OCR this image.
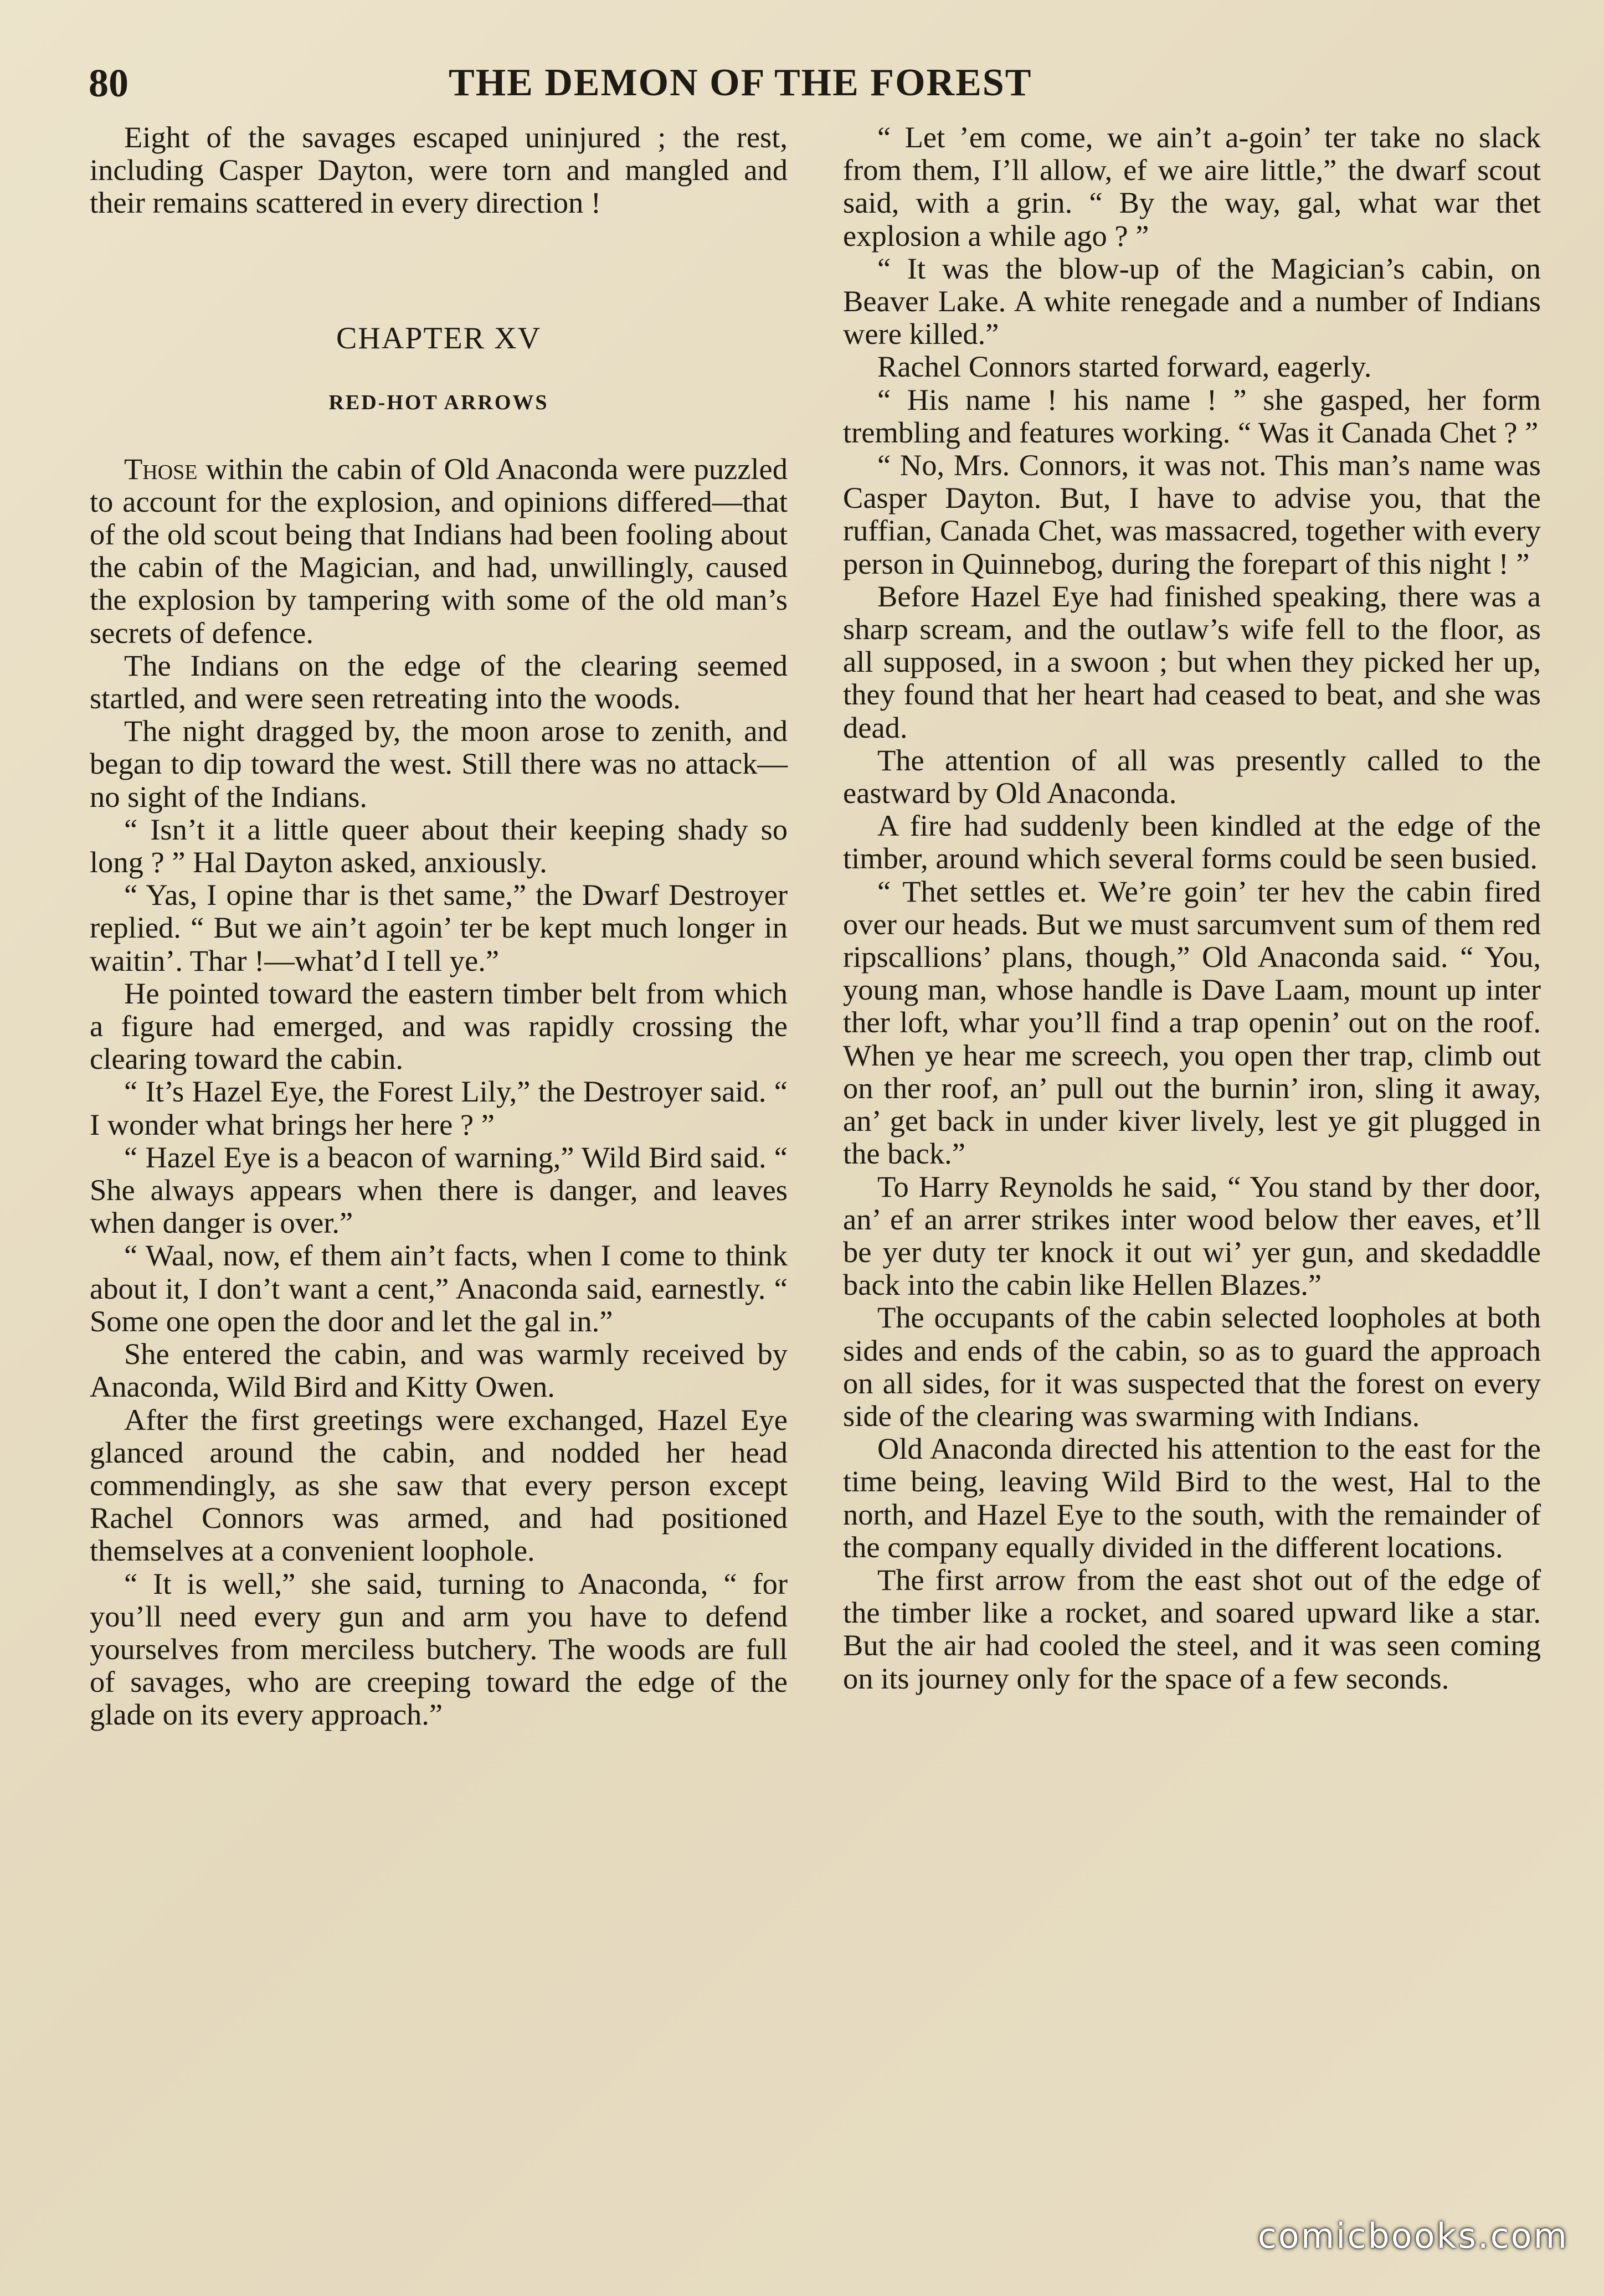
80	THE DEMON OF THE FOREST

Eight of the savages escaped uninjured ; the rest, including Casper Dayton, were torn and mangled and their remains scattered in every direction !

CHAPTER XV
RED-HOT ARROWS

Those within the cabin of Old Anaconda were puzzled to account for the explosion, and opinions differed—that of the old scout being that Indians had been fooling about the cabin of the Magician, and had, unwillingly, caused the explosion by tampering with some of the old man’s secrets of defence.

The Indians on the edge of the clearing seemed startled, and were seen retreating into the woods.

The night dragged by, the moon arose to zenith, and began to dip toward the west. Still there was no attack—no sight of the Indians.

“ Isn’t it a little queer about their keeping shady so long ? ” Hal Dayton asked, anxiously.

“ Yas, I opine thar is thet same,” the Dwarf Destroyer replied. “ But we ain’t agoin’ ter be kept much longer in waitin’. Thar !—what’d I tell ye.”

He pointed toward the eastern timber belt from which a figure had emerged, and was rapidly crossing the clearing toward the cabin.

“ It’s Hazel Eye, the Forest Lily,” the Destroyer said. “ I wonder what brings her here ? ”

“ Hazel Eye is a beacon of warning,” Wild Bird said. “ She always appears when there is danger, and leaves when danger is over.”

“ Waal, now, ef them ain’t facts, when I come to think about it, I don’t want a cent,” Anaconda said, earnestly. “ Some one open the door and let the gal in.”

She entered the cabin, and was warmly received by Anaconda, Wild Bird and Kitty Owen.

After the first greetings were exchanged, Hazel Eye glanced around the cabin, and nodded her head commendingly, as she saw that every person except Rachel Connors was armed, and had positioned themselves at a convenient loophole.

“ It is well,” she said, turning to Anaconda, “ for you’ll need every gun and arm you have to defend yourselves from merciless butchery. The woods are full of savages, who are creeping toward the edge of the glade on its every approach.”

“ Let ’em come, we ain’t a-goin’ ter take no slack from them, I’ll allow, ef we aire little,” the dwarf scout said, with a grin. “ By the way, gal, what war thet explosion a while ago ? ”

“ It was the blow-up of the Magician’s cabin, on Beaver Lake. A white renegade and a number of Indians were killed.”

Rachel Connors started forward, eagerly.

“ His name ! his name ! ” she gasped, her form trembling and features working. “ Was it Canada Chet ? ”

“ No, Mrs. Connors, it was not. This man’s name was Casper Dayton. But, I have to advise you, that the ruffian, Canada Chet, was massacred, together with every person in Quinnebog, during the forepart of this night ! ”

Before Hazel Eye had finished speaking, there was a sharp scream, and the outlaw’s wife fell to the floor, as all supposed, in a swoon ; but when they picked her up, they found that her heart had ceased to beat, and she was dead.

The attention of all was presently called to the eastward by Old Anaconda.

A fire had suddenly been kindled at the edge of the timber, around which several forms could be seen busied.

“ Thet settles et. We’re goin’ ter hev the cabin fired over our heads. But we must sarcumvent sum of them red ripscallions’ plans, though,” Old Anaconda said. “ You, young man, whose handle is Dave Laam, mount up inter ther loft, whar you’ll find a trap openin’ out on the roof. When ye hear me screech, you open ther trap, climb out on ther roof, an’ pull out the burnin’ iron, sling it away, an’ get back in under kiver lively, lest ye git plugged in the back.”

To Harry Reynolds he said, “ You stand by ther door, an’ ef an arrer strikes inter wood below ther eaves, et’ll be yer duty ter knock it out wi’ yer gun, and skedaddle back into the cabin like Hellen Blazes.”

The occupants of the cabin selected loopholes at both sides and ends of the cabin, so as to guard the approach on all sides, for it was suspected that the forest on every side of the clearing was swarming with Indians.

Old Anaconda directed his attention to the east for the time being, leaving Wild Bird to the west, Hal to the north, and Hazel Eye to the south, with the remainder of the company equally divided in the different locations.

The first arrow from the east shot out of the edge of the timber like a rocket, and soared upward like a star. But the air had cooled the steel, and it was seen coming on its journey only for the space of a few seconds.

comicbooks.com
